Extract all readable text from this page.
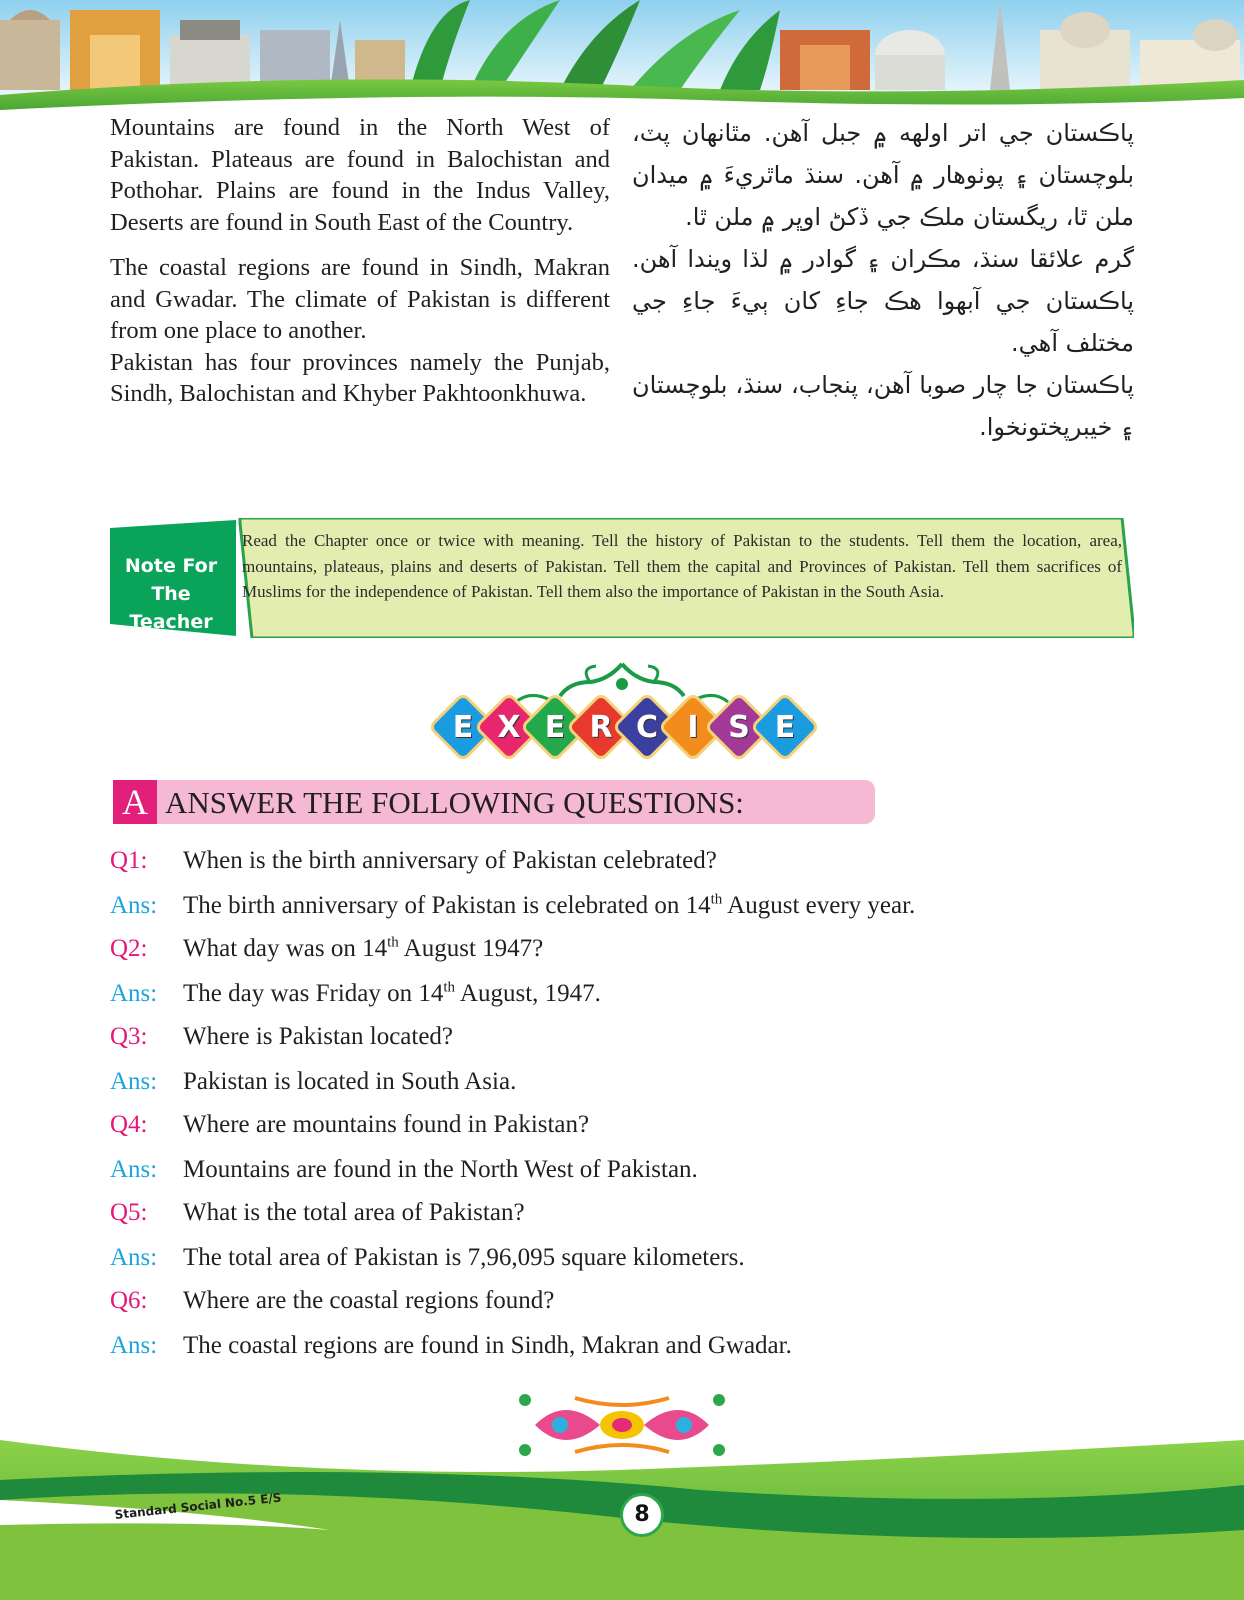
Mountains are found in the North West of Pakistan. Plateaus are found in Balochistan and Pothohar. Plains are found in the Indus Valley, Deserts are found in South East of the Country.

The coastal regions are found in Sindh, Makran and Gwadar. The climate of Pakistan is different from one place to another.

Pakistan has four provinces namely the Punjab, Sindh, Balochistan and Khyber Pakhtoonkhuwa.

پاڪستان جي اتر اولهه ۾ جبل آهن. مٿانهان پٽ، بلوچستان ۽ پوٺوهار ۾ آهن. سنڌ ماٿريءَ ۾ ميدان ملن ٿا، ريگستان ملڪ جي ڏکڻ اوڀر ۾ ملن ٿا.

گرم علائقا سنڌ، مڪران ۽ گوادر ۾ لڌا ويندا آهن. پاڪستان جي آبهوا هڪ جاءِ کان ٻيءَ جاءِ جي مختلف آهي.

پاڪستان جا چار صوبا آهن، پنجاب، سنڌ، بلوچستان ۽ خيبرپختونخوا.

Note For
The Teacher
Read the Chapter once or twice with meaning. Tell the history of Pakistan to the students. Tell them the location, area, mountains, plateaus, plains and deserts of Pakistan. Tell them the capital and Provinces of Pakistan. Tell them sacrifices of Muslims for the independence of Pakistan. Tell them also the importance of Pakistan in the South Asia.
E X E R C I S E
A ANSWER THE FOLLOWING QUESTIONS:
Q1: When is the birth anniversary of Pakistan celebrated?
Ans: The birth anniversary of Pakistan is celebrated on 14th August every year.
Q2: What day was on 14th August 1947?
Ans: The day was Friday on 14th August, 1947.
Q3: Where is Pakistan located?
Ans: Pakistan is located in South Asia.
Q4: Where are mountains found in Pakistan?
Ans: Mountains are found in the North West of Pakistan.
Q5: What is the total area of Pakistan?
Ans: The total area of Pakistan is 7,96,095 square kilometers.
Q6: Where are the coastal regions found?
Ans: The coastal regions are found in Sindh, Makran and Gwadar.
Standard Social No.5 E/S	8
